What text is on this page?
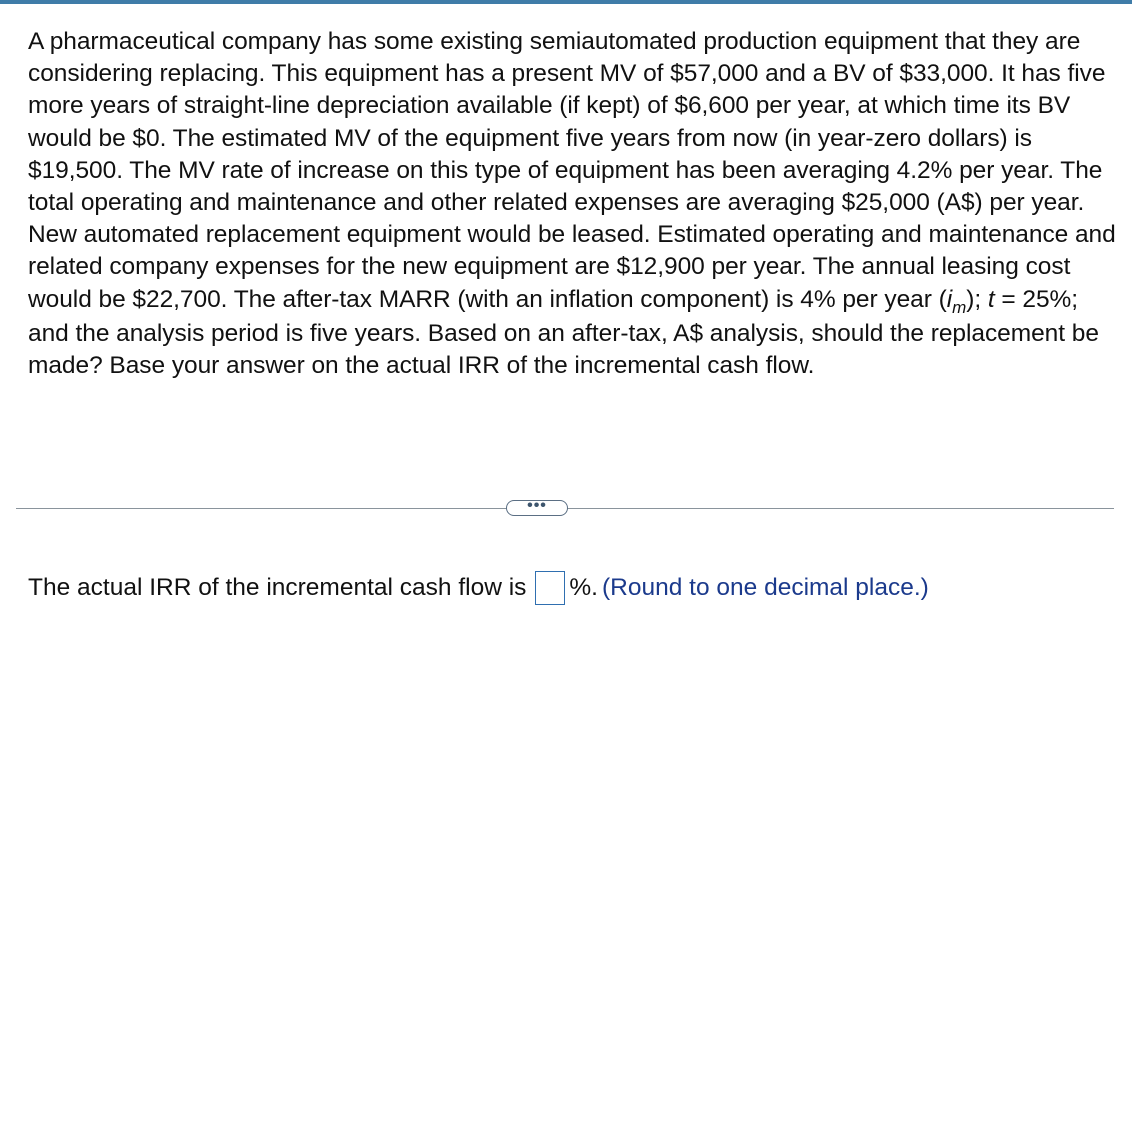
A pharmaceutical company has some existing semiautomated production equipment that they are considering replacing. This equipment has a present MV of $57,000 and a BV of $33,000. It has five more years of straight-line depreciation available (if kept) of $6,600 per year, at which time its BV would be $0. The estimated MV of the equipment five years from now (in year-zero dollars) is $19,500. The MV rate of increase on this type of equipment has been averaging 4.2% per year. The total operating and maintenance and other related expenses are averaging $25,000 (A$) per year.

New automated replacement equipment would be leased. Estimated operating and maintenance and related company expenses for the new equipment are $12,900 per year. The annual leasing cost would be $22,700. The after-tax MARR (with an inflation component) is 4% per year $(i_m)$; t = 25%; and the analysis period is five years. Based on an after-tax, A$ analysis, should the replacement be made? Base your answer on the actual IRR of the incremental cash flow.

•••
The actual IRR of the incremental cash flow is %. (Round to one decimal place.)
